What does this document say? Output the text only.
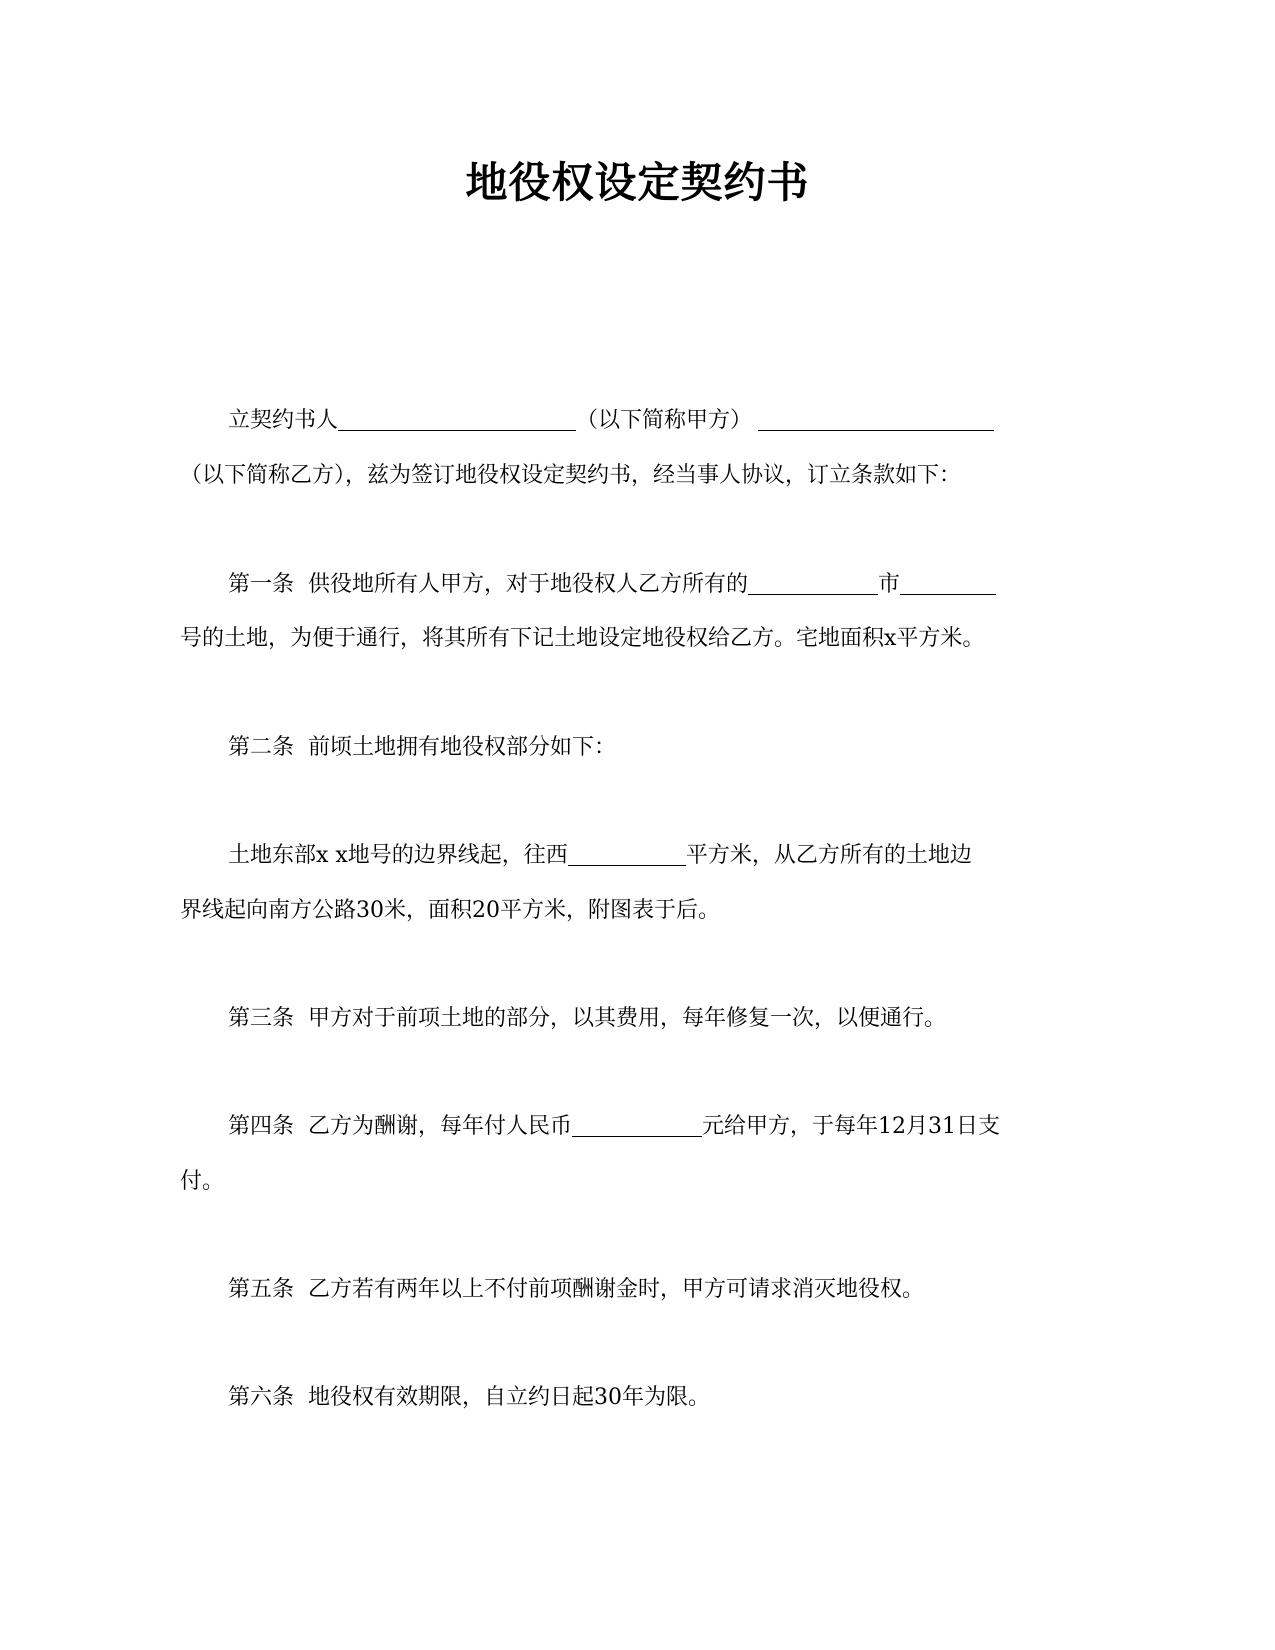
地役权设定契约书
立契约书人	（以下简称甲方）
（以下简称乙方），兹为签订地役权设定契约书，经当事人协议，订立条款如下：
第一条 供役地所有人甲方，对于地役权人乙方所有的	市
号的土地，为便于通行，将其所有下记土地设定地役权给乙方。宅地面积x平方米。
第二条 前顷土地拥有地役权部分如下：
土地东部x x地号的边界线起，往西	平方米，从乙方所有的土地边
界线起向南方公路30米，面积20平方米，附图表于后。
第三条 甲方对于前项土地的部分，以其费用，每年修复一次，以便通行。
第四条 乙方为酬谢，每年付人民币	元给甲方，于每年12月31日支
付。
第五条 乙方若有两年以上不付前项酬谢金时，甲方可请求消灭地役权。
第六条 地役权有效期限，自立约日起30年为限。
